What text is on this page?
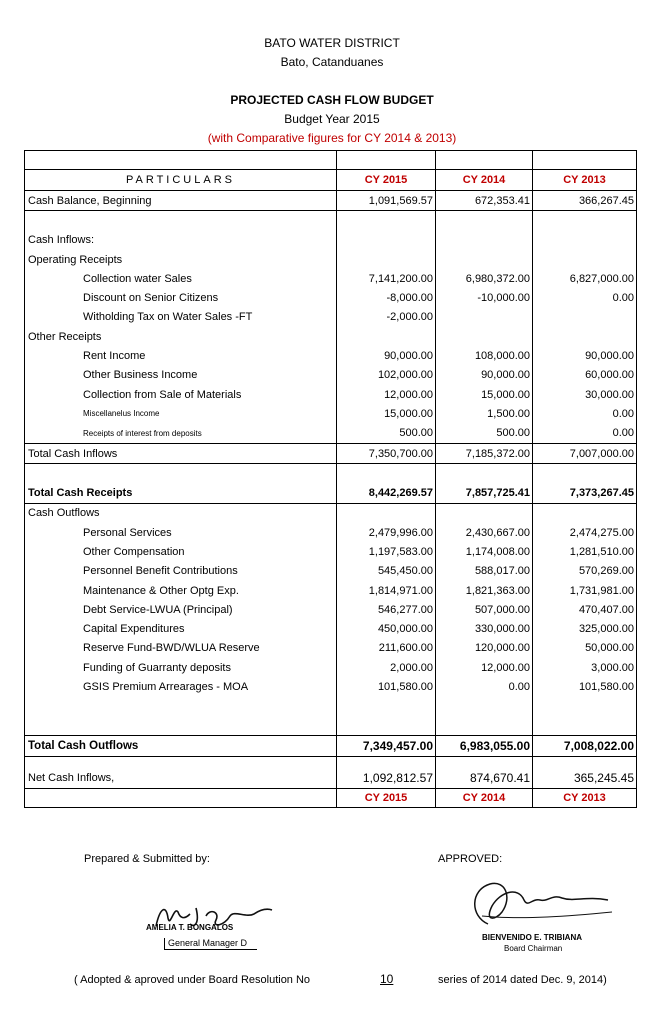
BATO WATER DISTRICT
Bato, Catanduanes
PROJECTED CASH FLOW BUDGET
Budget Year 2015
(with Comparative figures for CY 2014 & 2013)

PARTICULARS	CY 2015	CY 2014	CY 2013
Cash Balance, Beginning	1,091,569.57	672,353.41	366,267.45

Cash Inflows:			
Operating Receipts			
Collection water Sales	7,141,200.00	6,980,372.00	6,827,000.00
Discount on Senior Citizens	-8,000.00	-10,000.00	0.00
Witholding Tax on Water Sales -FT	-2,000.00		
Other Receipts			
Rent Income	90,000.00	108,000.00	90,000.00
Other Business Income	102,000.00	90,000.00	60,000.00
Collection from Sale of Materials	12,000.00	15,000.00	30,000.00
Miscellanelus Income	15,000.00	1,500.00	0.00
Receipts of interest from deposits	500.00	500.00	0.00
Total Cash Inflows	7,350,700.00	7,185,372.00	7,007,000.00

Total Cash Receipts	8,442,269.57	7,857,725.41	7,373,267.45
Cash Outflows			
Personal Services	2,479,996.00	2,430,667.00	2,474,275.00
Other Compensation	1,197,583.00	1,174,008.00	1,281,510.00
Personnel Benefit Contributions	545,450.00	588,017.00	570,269.00
Maintenance & Other Optg Exp.	1,814,971.00	1,821,363.00	1,731,981.00
Debt Service-LWUA (Principal)	546,277.00	507,000.00	470,407.00
Capital Expenditures	450,000.00	330,000.00	325,000.00
Reserve Fund-BWD/WLUA Reserve	211,600.00	120,000.00	50,000.00
Funding of Guarranty deposits	2,000.00	12,000.00	3,000.00
GSIS Premium Arrearages - MOA	101,580.00	0.00	101,580.00

Total Cash Outflows	7,349,457.00	6,983,055.00	7,008,022.00

Net Cash Inflows,	1,092,812.57	874,670.41	365,245.45
	CY 2015	CY 2014	CY 2013
Prepared & Submitted by:	APPROVED:
AMELIA T. BONGALOS
General Manager D
BIENVENIDO E. TRIBIANA
Board Chairman
( Adopted & aproved under Board Resolution No	10	series of 2014 dated Dec. 9, 2014)
